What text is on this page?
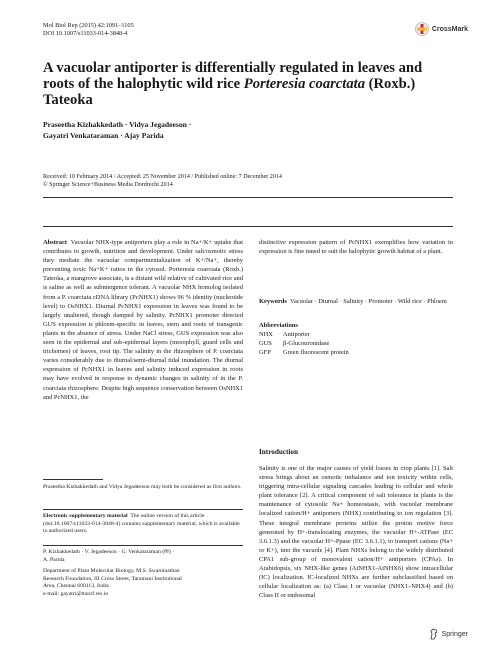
Mol Biol Rep (2015) 42:1091–1105
DOI 10.1007/s11033-014-3848-4
CrossMark
A vacuolar antiporter is differentially regulated in leaves and roots of the halophytic wild rice Porteresia coarctata (Roxb.) Tateoka
Praseetha Kizhakkedath · Vidya Jegadeeson ·
Gayatri Venkataraman · Ajay Parida
Received: 10 February 2014 / Accepted: 25 November 2014 / Published online: 7 December 2014
© Springer Science+Business Media Dordrecht 2014
Abstract Vacuolar NHX-type antiporters play a role in Na+/K+ uptake that contributes to growth, nutrition and development. Under salt/osmotic stress they mediate the vacuolar compartmentalization of K+/Na+, thereby preventing toxic Na+K+ ratios in the cytosol. Porteresia coarctata (Roxb.) Tateoka, a mangrove associate, is a distant wild relative of cultivated rice and is saline as well as submergence tolerant. A vacuolar NHX homolog isolated from a P. coarctata cDNA library (PcNHX1) shows 96 % identity (nucleotide level) to OsNHX1. Diurnal PcNHX1 expression in leaves was found to be largely unaltered, though damped by salinity. PcNHX1 promoter directed GUS expression is phloem-specific in leaves, stem and roots of transgenic plants in the absence of stress. Under NaCl stress, GUS expression was also seen in the epidermal and sub-epidermal layers (mesophyll, guard cells and trichomes) of leaves, root tip. The salinity in the rhizosphere of P. coarctata varies considerably due to diurnal/semi-diurnal tidal inundation. The diurnal expression of PcNHX1 in leaves and salinity induced expression in roots may have evolved in response to dynamic changes in salinity of in the P. coarctata rhizosphere. Despite high sequence conservation between OsNHX1 and PcNHX1, the
distinctive expression pattern of PcNHX1 exemplifies how variation in expression is fine tuned to suit the halophytic growth habitat of a plant.
Keywords Vacuolar · Diurnal · Salinity · Promoter · Wild rice · Phloem
Abbreviations
NHX	Antiporter
GUS	β-Glucouronidase
GFP	Green fluorescent protein
Introduction
Salinity is one of the major causes of yield losses in crop plants [1]. Salt stress brings about an osmotic imbalance and ion toxicity within cells, triggering intra-cellular signaling cascades leading to cellular and whole plant tolerance [2]. A critical component of salt tolerance in plants is the maintenance of cytosolic Na+ homeostasis, with vacuolar membrane localized cation/H+ antiporters (NHX) contributing to ion regulation [3]. These integral membrane proteins utilize the proton motive force generated by H+-translocating enzymes, the vacuolar H+-ATPase (EC 3.6.1.3) and the vacuolar H+-Ppase (EC 3.6.1.1), to transport cations (Na+ or K+), into the vacuole [4]. Plant NHXs belong to the widely distributed CPA1 sub-group of monovalent cation/H+ antiporters (CPAs). In Arabidopsis, six NHX-like genes (AtNHX1-AtNHX6) show intracellular (IC) localization. IC-localized NHXs are further subclassified based on cellular localization as: (a) Class I or vacuolar (NHX1–NHX4) and (b) Class II or endosomal
Praseetha Kizhakkedath and Vidya Jegadeeson may both be considered as first authors.
Electronic supplementary material The online version of this article (doi:10.1007/s11033-014-3848-4) contains supplementary material, which is available to authorized users.
P. Kizhakkedath · V. Jegadeeson · G. Venkataraman (✉) ·
A. Parida
Department of Plant Molecular Biology, M.S. Swaminathan
Research Foundation, III Cross Street, Taramani Institutional
Area, Chennai 600113, India
e-mail: gayatri@mssrf.res.in
Springer
